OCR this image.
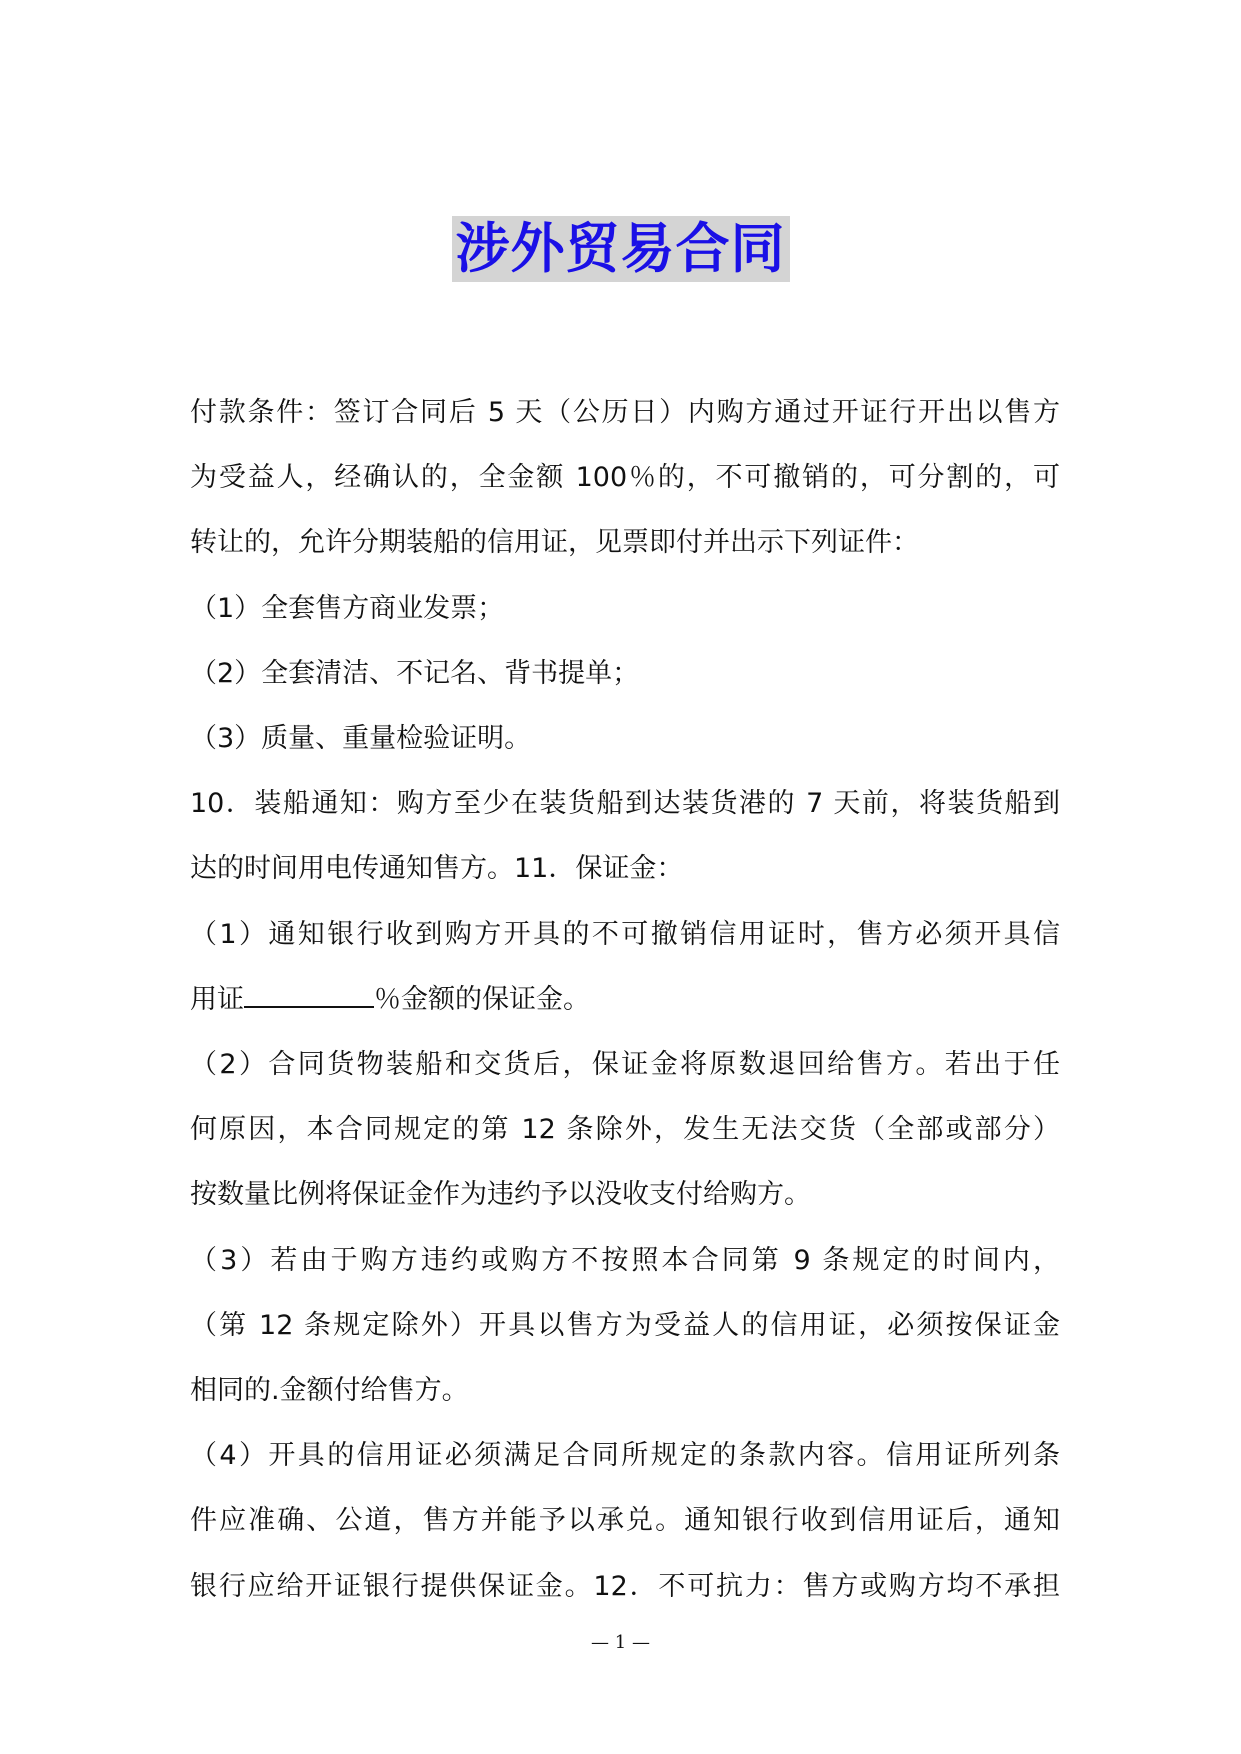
涉外贸易合同
付款条件：签订合同后 5 天（公历日）内购方通过开证行开出以售方
为受益人，经确认的，全金额 100％的，不可撤销的，可分割的，可
转让的，允许分期装船的信用证，见票即付并出示下列证件：
（1）全套售方商业发票；
（2）全套清洁、不记名、背书提单；
（3）质量、重量检验证明。
10．装船通知：购方至少在装货船到达装货港的 7 天前，将装货船到
达的时间用电传通知售方。11．保证金：
（1）通知银行收到购方开具的不可撤销信用证时，售方必须开具信
用证	％金额的保证金。
（2）合同货物装船和交货后，保证金将原数退回给售方。若出于任
何原因，本合同规定的第 12 条除外，发生无法交货（全部或部分）
按数量比例将保证金作为违约予以没收支付给购方。
（3）若由于购方违约或购方不按照本合同第 9 条规定的时间内，
（第 12 条规定除外）开具以售方为受益人的信用证，必须按保证金
相同的.金额付给售方。
（4）开具的信用证必须满足合同所规定的条款内容。信用证所列条
件应准确、公道，售方并能予以承兑。通知银行收到信用证后，通知
银行应给开证银行提供保证金。12．不可抗力：售方或购方均不承担
— 1 —
